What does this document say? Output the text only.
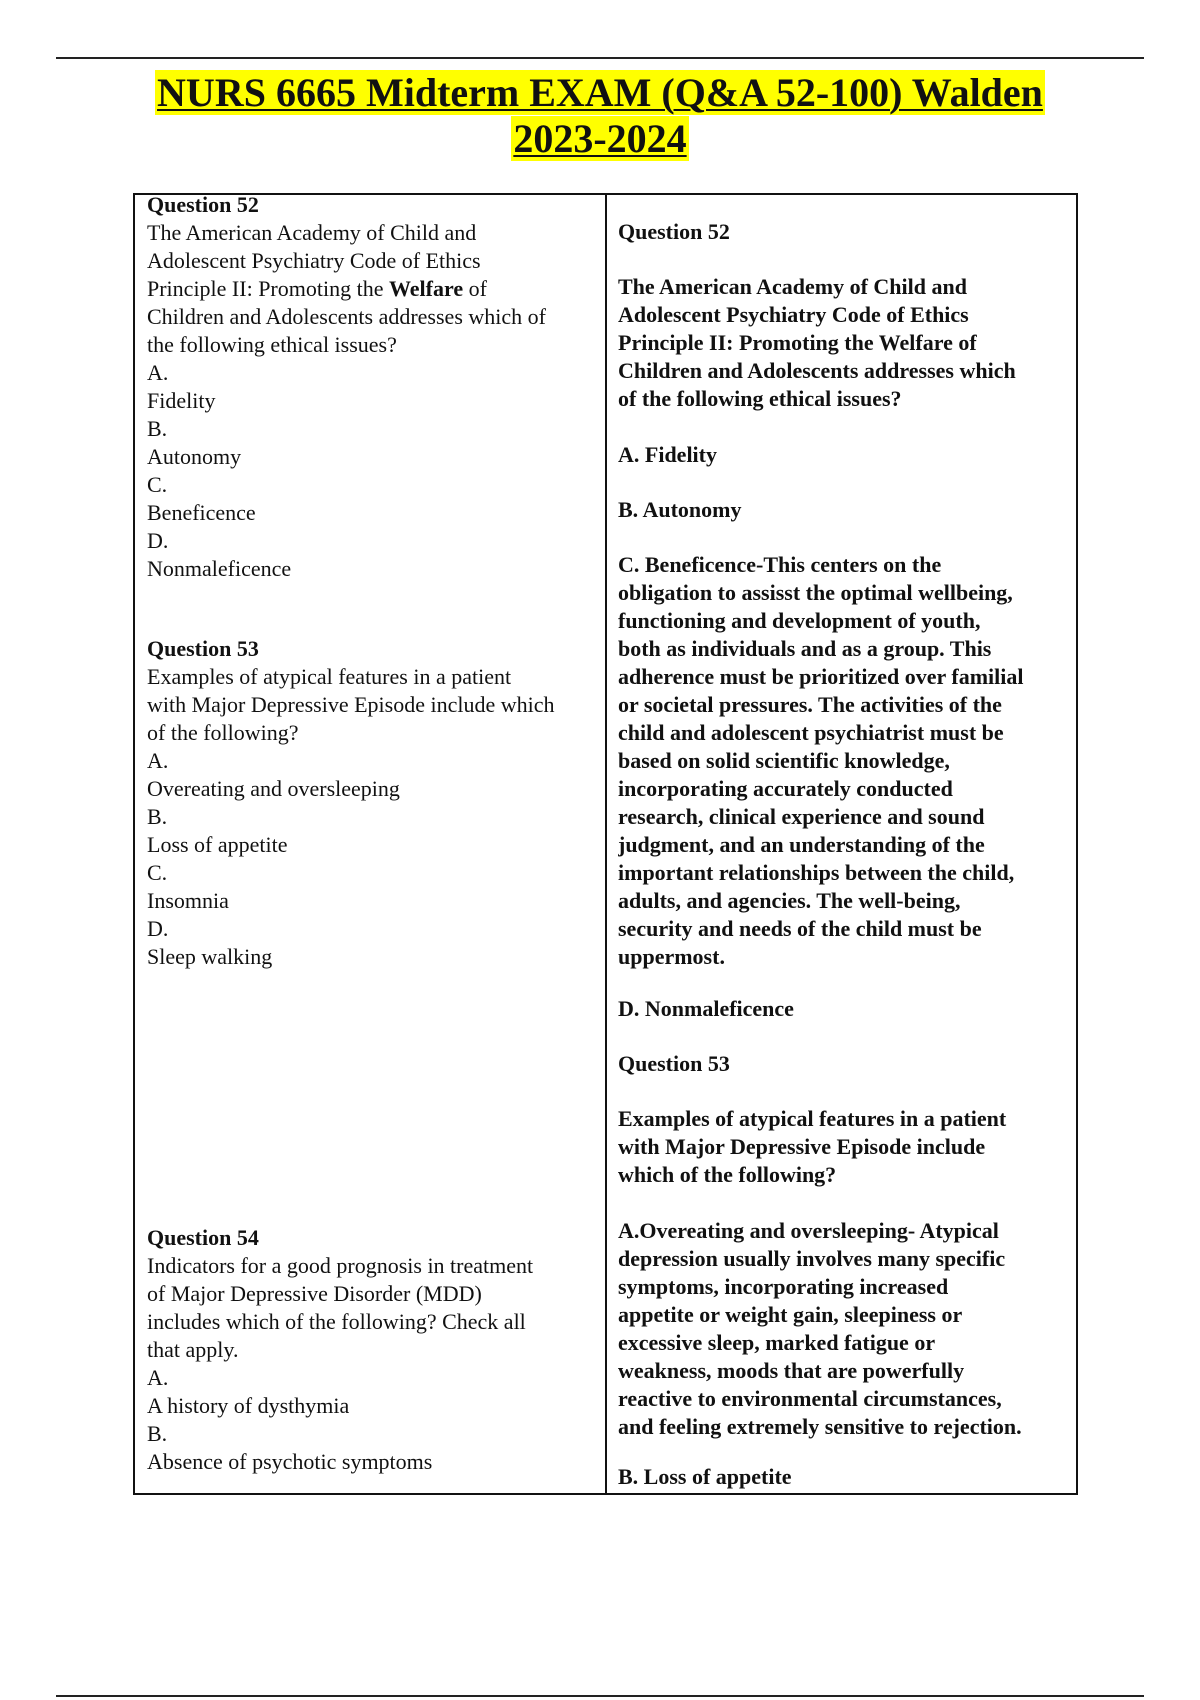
NURS 6665 Midterm EXAM (Q&A 52-100) Walden
2023-2024
Question 52
The American Academy of Child and
Adolescent Psychiatry Code of Ethics
Principle II: Promoting the Welfare of
Children and Adolescents addresses which of
the following ethical issues?
A.
Fidelity
B.
Autonomy
C.
Beneficence
D.
Nonmaleficence
Question 53
Examples of atypical features in a patient
with Major Depressive Episode include which
of the following?
A.
Overeating and oversleeping
B.
Loss of appetite
C.
Insomnia
D.
Sleep walking
Question 54
Indicators for a good prognosis in treatment
of Major Depressive Disorder (MDD)
includes which of the following? Check all
that apply.
A.
A history of dysthymia
B.
Absence of psychotic symptoms
Question 52
The American Academy of Child and
Adolescent Psychiatry Code of Ethics
Principle II: Promoting the Welfare of
Children and Adolescents addresses which
of the following ethical issues?
A. Fidelity
B. Autonomy
C. Beneficence-This centers on the
obligation to assisst the optimal wellbeing,
functioning and development of youth,
both as individuals and as a group. This
adherence must be prioritized over familial
or societal pressures. The activities of the
child and adolescent psychiatrist must be
based on solid scientific knowledge,
incorporating accurately conducted
research, clinical experience and sound
judgment, and an understanding of the
important relationships between the child,
adults, and agencies. The well-being,
security and needs of the child must be
uppermost.
D. Nonmaleficence
Question 53
Examples of atypical features in a patient
with Major Depressive Episode include
which of the following?
A.Overeating and oversleeping- Atypical
depression usually involves many specific
symptoms, incorporating increased
appetite or weight gain, sleepiness or
excessive sleep, marked fatigue or
weakness, moods that are powerfully
reactive to environmental circumstances,
and feeling extremely sensitive to rejection.
B. Loss of appetite
